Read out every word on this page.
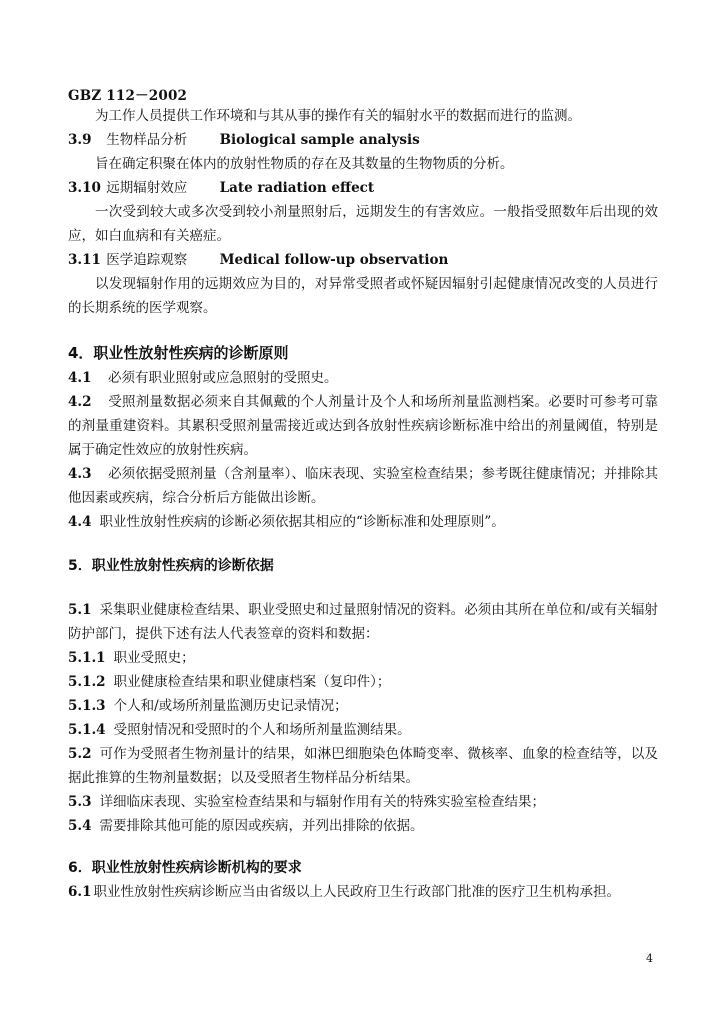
GBZ 112－2002

为工作人员提供工作环境和与其从事的操作有关的辐射水平的数据而进行的监测。

3.9 生物样品分析 Biological sample analysis

旨在确定积聚在体内的放射性物质的存在及其数量的生物物质的分析。

3.10 远期辐射效应 Late radiation effect

一次受到较大或多次受到较小剂量照射后，远期发生的有害效应。一般指受照数年后出现的效应，如白血病和有关癌症。

3.11 医学追踪观察 Medical follow-up observation

以发现辐射作用的远期效应为目的，对异常受照者或怀疑因辐射引起健康情况改变的人员进行的长期系统的医学观察。

4．职业性放射性疾病的诊断原则

4.1 必须有职业照射或应急照射的受照史。

4.2 受照剂量数据必须来自其佩戴的个人剂量计及个人和场所剂量监测档案。必要时可参考可靠的剂量重建资料。其累积受照剂量需接近或达到各放射性疾病诊断标准中给出的剂量阈值，特别是属于确定性效应的放射性疾病。

4.3 必须依据受照剂量（含剂量率）、临床表现、实验室检查结果；参考既往健康情况；并排除其他因素或疾病，综合分析后方能做出诊断。

4.4 职业性放射性疾病的诊断必须依据其相应的“诊断标准和处理原则”。

5．职业性放射性疾病的诊断依据

5.1 采集职业健康检查结果、职业受照史和过量照射情况的资料。必须由其所在单位和/或有关辐射防护部门，提供下述有法人代表签章的资料和数据：

5.1.1 职业受照史；

5.1.2 职业健康检查结果和职业健康档案（复印件）；

5.1.3 个人和/或场所剂量监测历史记录情况；

5.1.4 受照射情况和受照时的个人和场所剂量监测结果。

5.2 可作为受照者生物剂量计的结果，如淋巴细胞染色体畸变率、微核率、血象的检查结等，以及据此推算的生物剂量数据；以及受照者生物样品分析结果。

5.3 详细临床表现、实验室检查结果和与辐射作用有关的特殊实验室检查结果；

5.4 需要排除其他可能的原因或疾病，并列出排除的依据。

6．职业性放射性疾病诊断机构的要求

6.1 职业性放射性疾病诊断应当由省级以上人民政府卫生行政部门批准的医疗卫生机构承担。

4
